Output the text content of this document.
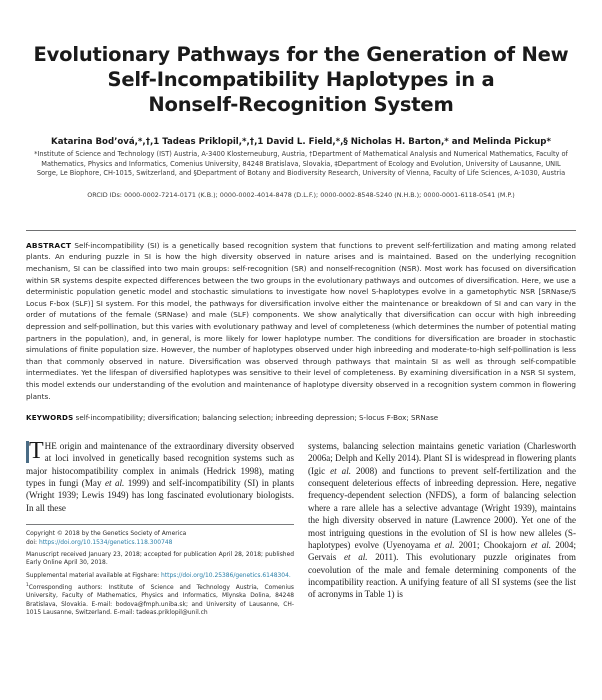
Evolutionary Pathways for the Generation of New
Self-Incompatibility Haplotypes in a
Nonself-Recognition System
Katarina Bod’ová,*,†,1 Tadeas Priklopil,*,†,1 David L. Field,*,§ Nicholas H. Barton,* and Melinda Pickup*
*Institute of Science and Technology (IST) Austria, A-3400 Klosterneuburg, Austria, †Department of Mathematical Analysis and Numerical Mathematics, Faculty of Mathematics, Physics and Informatics, Comenius University, 84248 Bratislava, Slovakia, ‡Department of Ecology and Evolution, University of Lausanne, UNIL Sorge, Le Biophore, CH-1015, Switzerland, and §Department of Botany and Biodiversity Research, University of Vienna, Faculty of Life Sciences, A-1030, Austria
ORCID IDs: 0000-0002-7214-0171 (K.B.); 0000-0002-4014-8478 (D.L.F.); 0000-0002-8548-5240 (N.H.B.); 0000-0001-6118-0541 (M.P.)
ABSTRACT Self-incompatibility (SI) is a genetically based recognition system that functions to prevent self-fertilization and mating among related plants. An enduring puzzle in SI is how the high diversity observed in nature arises and is maintained. Based on the underlying recognition mechanism, SI can be classified into two main groups: self-recognition (SR) and nonself-recognition (NSR). Most work has focused on diversification within SR systems despite expected differences between the two groups in the evolutionary pathways and outcomes of diversification. Here, we use a deterministic population genetic model and stochastic simulations to investigate how novel S-haplotypes evolve in a gametophytic NSR [SRNase/S Locus F-box (SLF)] SI system. For this model, the pathways for diversification involve either the maintenance or breakdown of SI and can vary in the order of mutations of the female (SRNase) and male (SLF) components. We show analytically that diversification can occur with high inbreeding depression and self-pollination, but this varies with evolutionary pathway and level of completeness (which determines the number of potential mating partners in the population), and, in general, is more likely for lower haplotype number. The conditions for diversification are broader in stochastic simulations of finite population size. However, the number of haplotypes observed under high inbreeding and moderate-to-high self-pollination is less than that commonly observed in nature. Diversification was observed through pathways that maintain SI as well as through self-compatible intermediates. Yet the lifespan of diversified haplotypes was sensitive to their level of completeness. By examining diversification in a NSR SI system, this model extends our understanding of the evolution and maintenance of haplotype diversity observed in a recognition system common in flowering plants.
KEYWORDS self-incompatibility; diversification; balancing selection; inbreeding depression; S-locus F-Box; SRNase
T HE origin and maintenance of the extraordinary diversity observed at loci involved in genetically based recognition systems such as major histocompatibility complex in animals (Hedrick 1998), mating types in fungi (May et al. 1999) and self-incompatibility (SI) in plants (Wright 1939; Lewis 1949) has long fascinated evolutionary biologists. In all these

Copyright © 2018 by the Genetics Society of America

doi: https://doi.org/10.1534/genetics.118.300748

Manuscript received January 23, 2018; accepted for publication April 28, 2018; published Early Online April 30, 2018.

Supplemental material available at Figshare: https://doi.org/10.25386/genetics.6148304.

$^1$Corresponding authors: Institute of Science and Technology Austria, Comenius University, Faculty of Mathematics, Physics and Informatics, Mlynska Dolina, 84248 Bratislava, Slovakia. E-mail: bodova@fmph.uniba.sk; and University of Lausanne, CH-1015 Lausanne, Switzerland. E-mail: tadeas.priklopil@unil.ch

systems, balancing selection maintains genetic variation (Charlesworth 2006a; Delph and Kelly 2014). Plant SI is widespread in flowering plants (Igic et al. 2008) and functions to prevent self-fertilization and the consequent deleterious effects of inbreeding depression. Here, negative frequency-dependent selection (NFDS), a form of balancing selection where a rare allele has a selective advantage (Wright 1939), maintains the high diversity observed in nature (Lawrence 2000). Yet one of the most intriguing questions in the evolution of SI is how new alleles (S-haplotypes) evolve (Uyenoyama et al. 2001; Chookajorn et al. 2004; Gervais et al. 2011). This evolutionary puzzle originates from coevolution of the male and female determining components of the incompatibility reaction. A unifying feature of all SI systems (see the list of acronyms in Table 1) is
